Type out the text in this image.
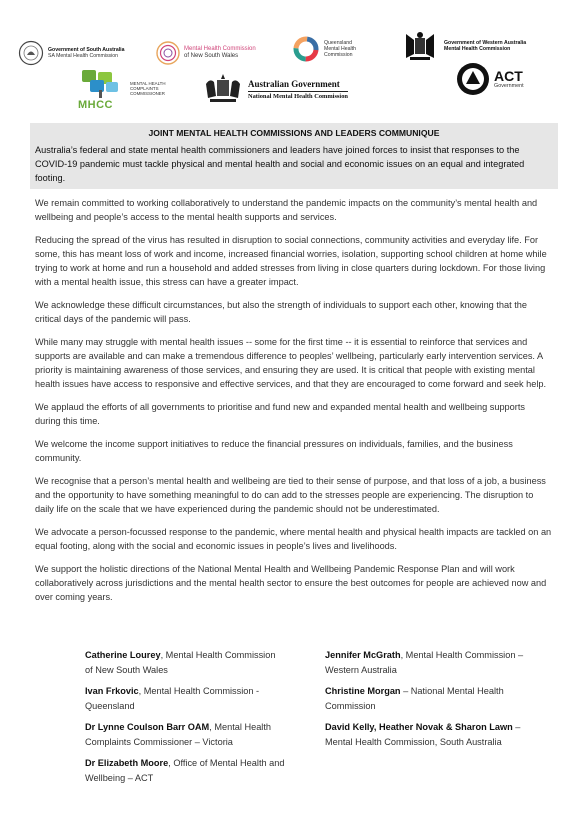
Government of South Australia
SA Mental Health Commission
Mental Health Commission
of New South Wales
Queensland
Mental Health
Commission
Government of Western Australia
Mental Health Commission
MENTAL HEALTH
COMPLAINTS
COMMISSIONER
MHCC
Australian Government
National Mental Health Commission
ACT
Government
JOINT MENTAL HEALTH COMMISSIONS AND LEADERS COMMUNIQUE
Australia’s federal and state mental health commissioners and leaders have joined forces to insist that responses to the COVID-19 pandemic must tackle physical and mental health and social and economic issues on an equal and integrated footing.

We remain committed to working collaboratively to understand the pandemic impacts on the community’s mental health and wellbeing and people’s access to the mental health supports and services.

Reducing the spread of the virus has resulted in disruption to social connections, community activities and everyday life. For some, this has meant loss of work and income, increased financial worries, isolation, supporting school children at home while trying to work at home and run a household and added stresses from living in close quarters during lockdown. For those living with a mental health issue, this stress can have a greater impact.

We acknowledge these difficult circumstances, but also the strength of individuals to support each other, knowing that the critical days of the pandemic will pass.

While many may struggle with mental health issues -- some for the first time -- it is essential to reinforce that services and supports are available and can make a tremendous difference to peoples’ wellbeing, particularly early intervention services. A priority is maintaining awareness of those services, and ensuring they are used. It is critical that people with existing mental health issues have access to responsive and effective services, and that they are encouraged to come forward and seek help.

We applaud the efforts of all governments to prioritise and fund new and expanded mental health and wellbeing supports during this time.

We welcome the income support initiatives to reduce the financial pressures on individuals, families, and the business community.

We recognise that a person’s mental health and wellbeing are tied to their sense of purpose, and that loss of a job, a business and the opportunity to have something meaningful to do can add to the stresses people are experiencing. The disruption to daily life on the scale that we have experienced during the pandemic should not be underestimated.

We advocate a person-focussed response to the pandemic, where mental health and physical health impacts are tackled on an equal footing, along with the social and economic issues in people’s lives and livelihoods.

We support the holistic directions of the National Mental Health and Wellbeing Pandemic Response Plan and will work collaboratively across jurisdictions and the mental health sector to ensure the best outcomes for people are achieved now and over coming years.

Catherine Lourey, Mental Health Commission of New South Wales
Ivan Frkovic, Mental Health Commission - Queensland
Dr Lynne Coulson Barr OAM, Mental Health Complaints Commissioner – Victoria
Dr Elizabeth Moore, Office of Mental Health and Wellbeing – ACT
Jennifer McGrath, Mental Health Commission – Western Australia
Christine Morgan – National Mental Health Commission
David Kelly, Heather Novak & Sharon Lawn – Mental Health Commission, South Australia
